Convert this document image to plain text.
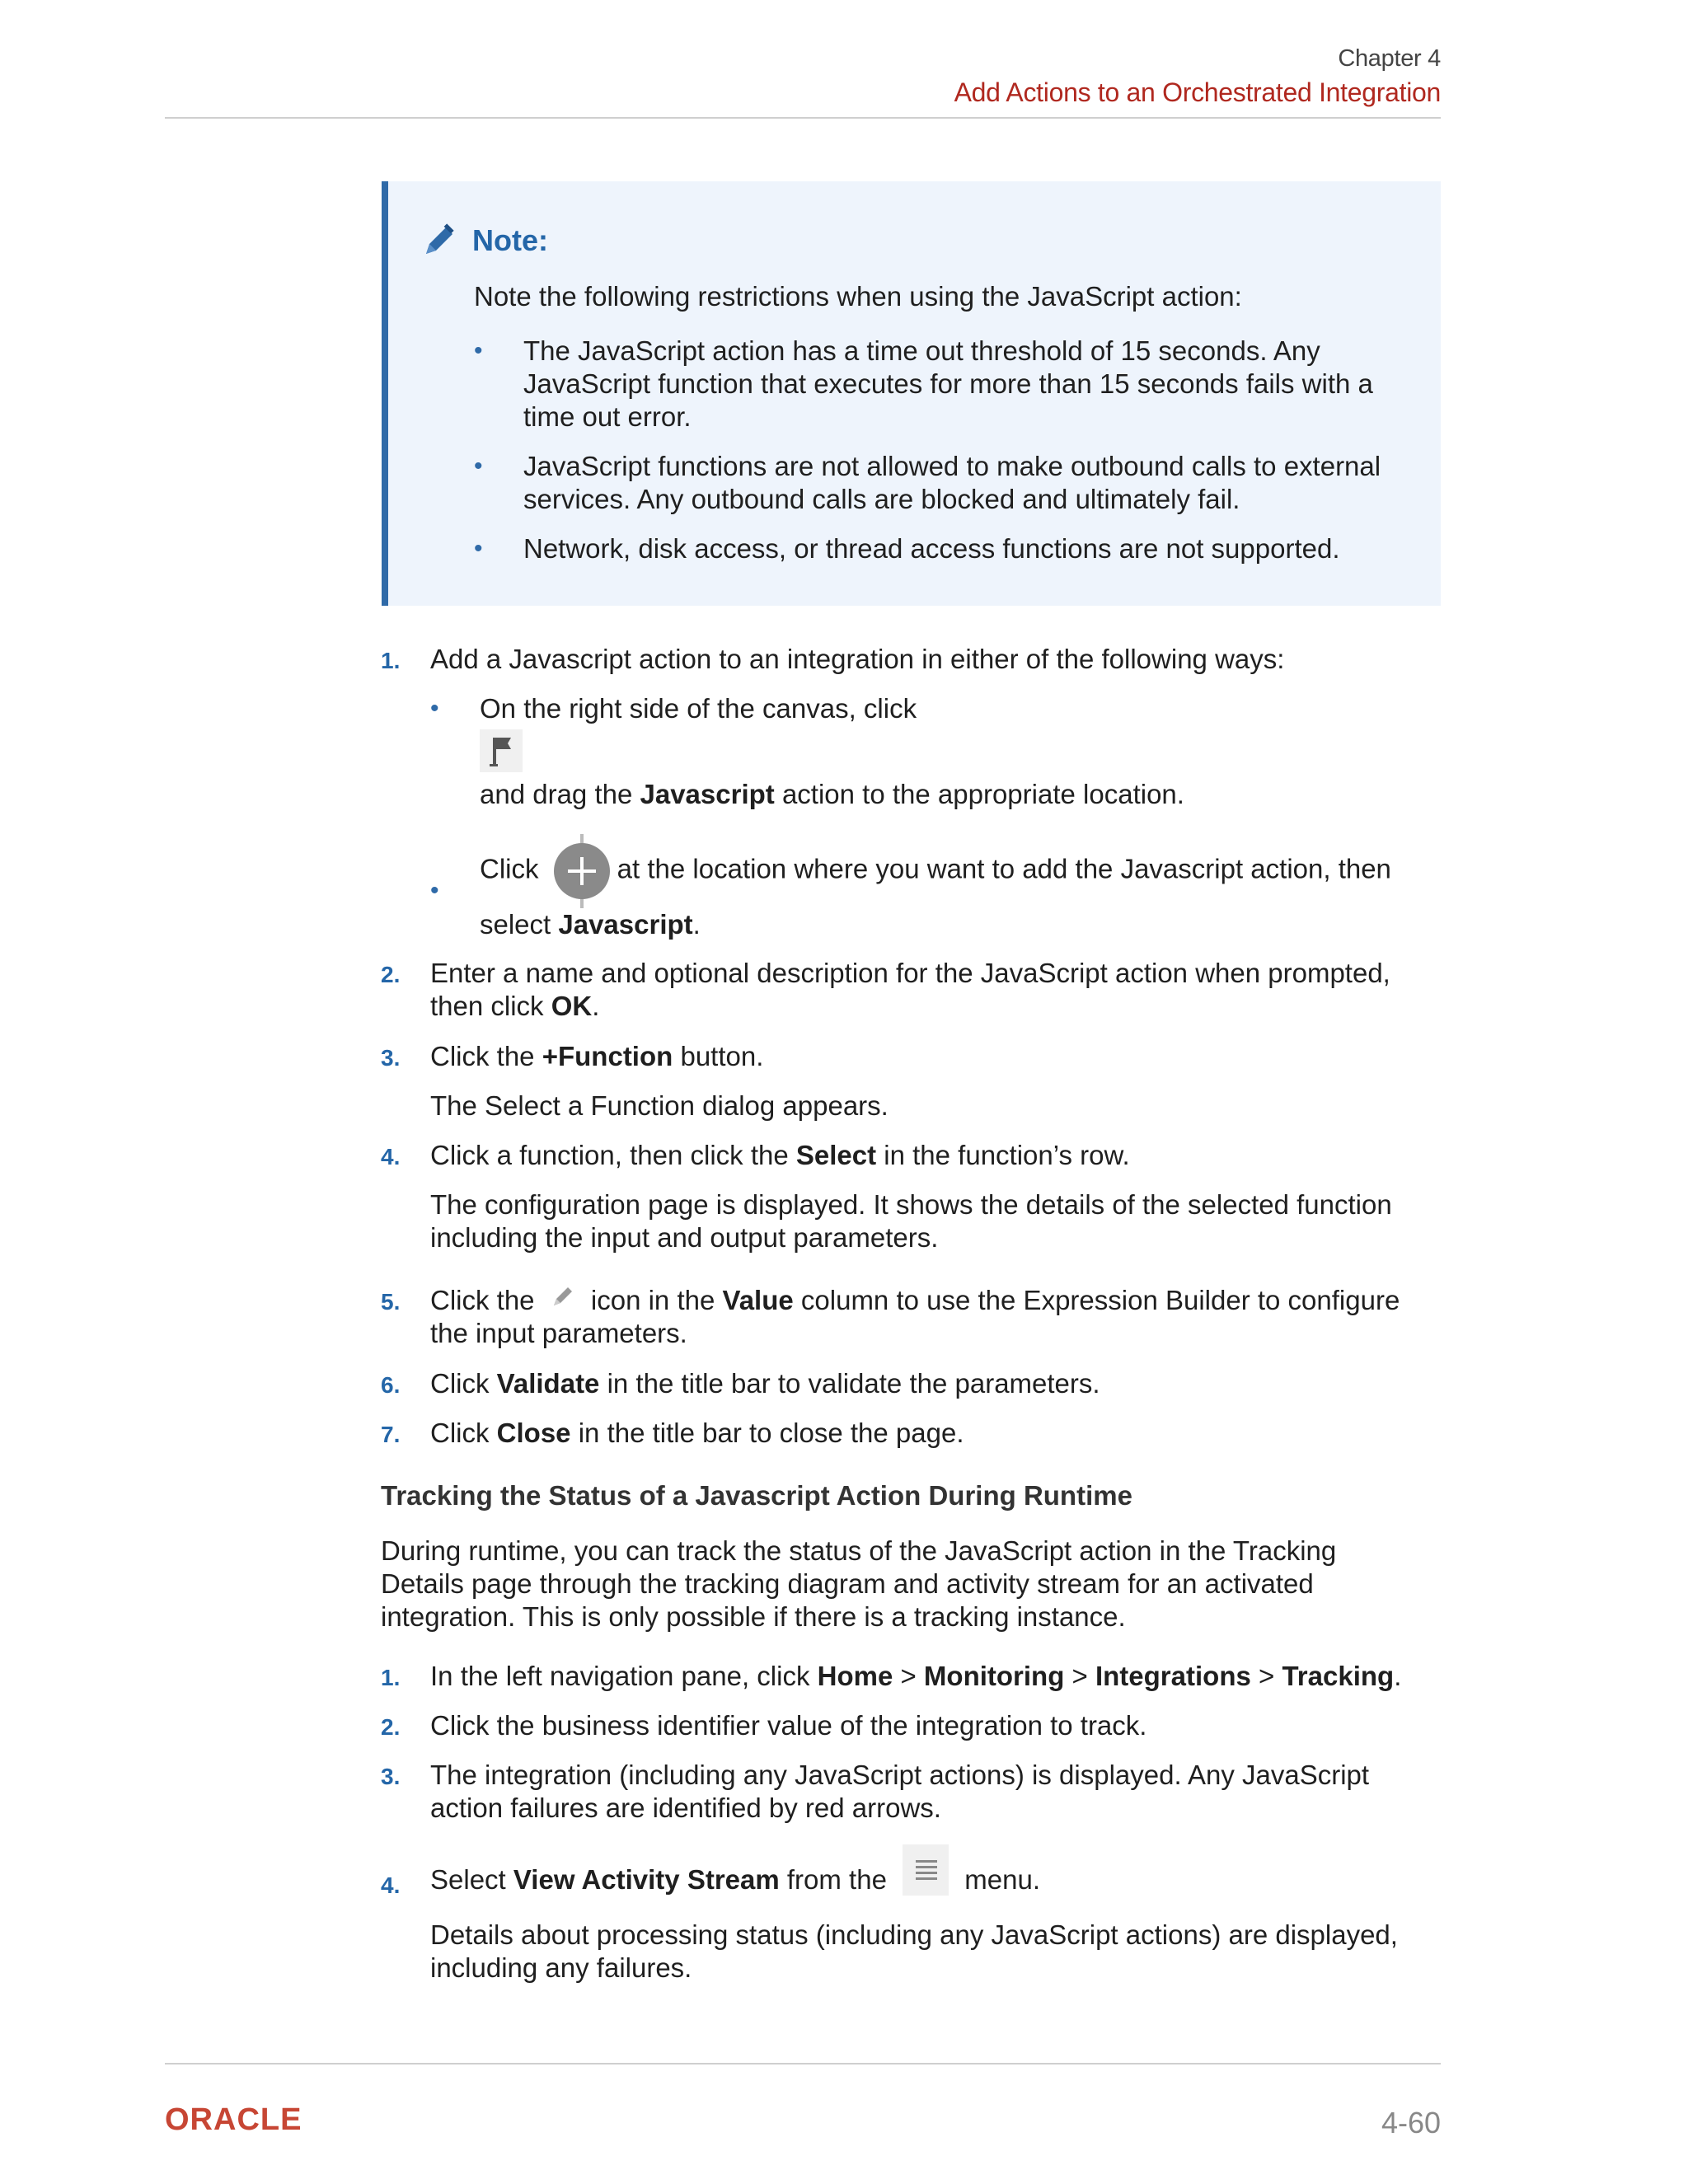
Chapter 4
Add Actions to an Orchestrated Integration
Note:
Note the following restrictions when using the JavaScript action:
• The JavaScript action has a time out threshold of 15 seconds. Any JavaScript function that executes for more than 15 seconds fails with a time out error.
• JavaScript functions are not allowed to make outbound calls to external services. Any outbound calls are blocked and ultimately fail.
• Network, disk access, or thread access functions are not supported.
1. Add a Javascript action to an integration in either of the following ways:
• On the right side of the canvas, click
and drag the Javascript action to the appropriate location.
•
Click	at the location where you want to add the Javascript action, then select Javascript.
2. Enter a name and optional description for the JavaScript action when prompted, then click OK.
3. Click the +Function button.
The Select a Function dialog appears.
4. Click a function, then click the Select in the function’s row.
The configuration page is displayed. It shows the details of the selected function including the input and output parameters.
5. Click the  icon in the Value column to use the Expression Builder to configure the input parameters.
6. Click Validate in the title bar to validate the parameters.
7. Click Close in the title bar to close the page.
Tracking the Status of a Javascript Action During Runtime
During runtime, you can track the status of the JavaScript action in the Tracking Details page through the tracking diagram and activity stream for an activated integration. This is only possible if there is a tracking instance.
1. In the left navigation pane, click Home > Monitoring > Integrations > Tracking.
2. Click the business identifier value of the integration to track.
3. The integration (including any JavaScript actions) is displayed. Any JavaScript action failures are identified by red arrows.
4. Select View Activity Stream from the  menu.
Details about processing status (including any JavaScript actions) are displayed, including any failures.
ORACLE	4-60
